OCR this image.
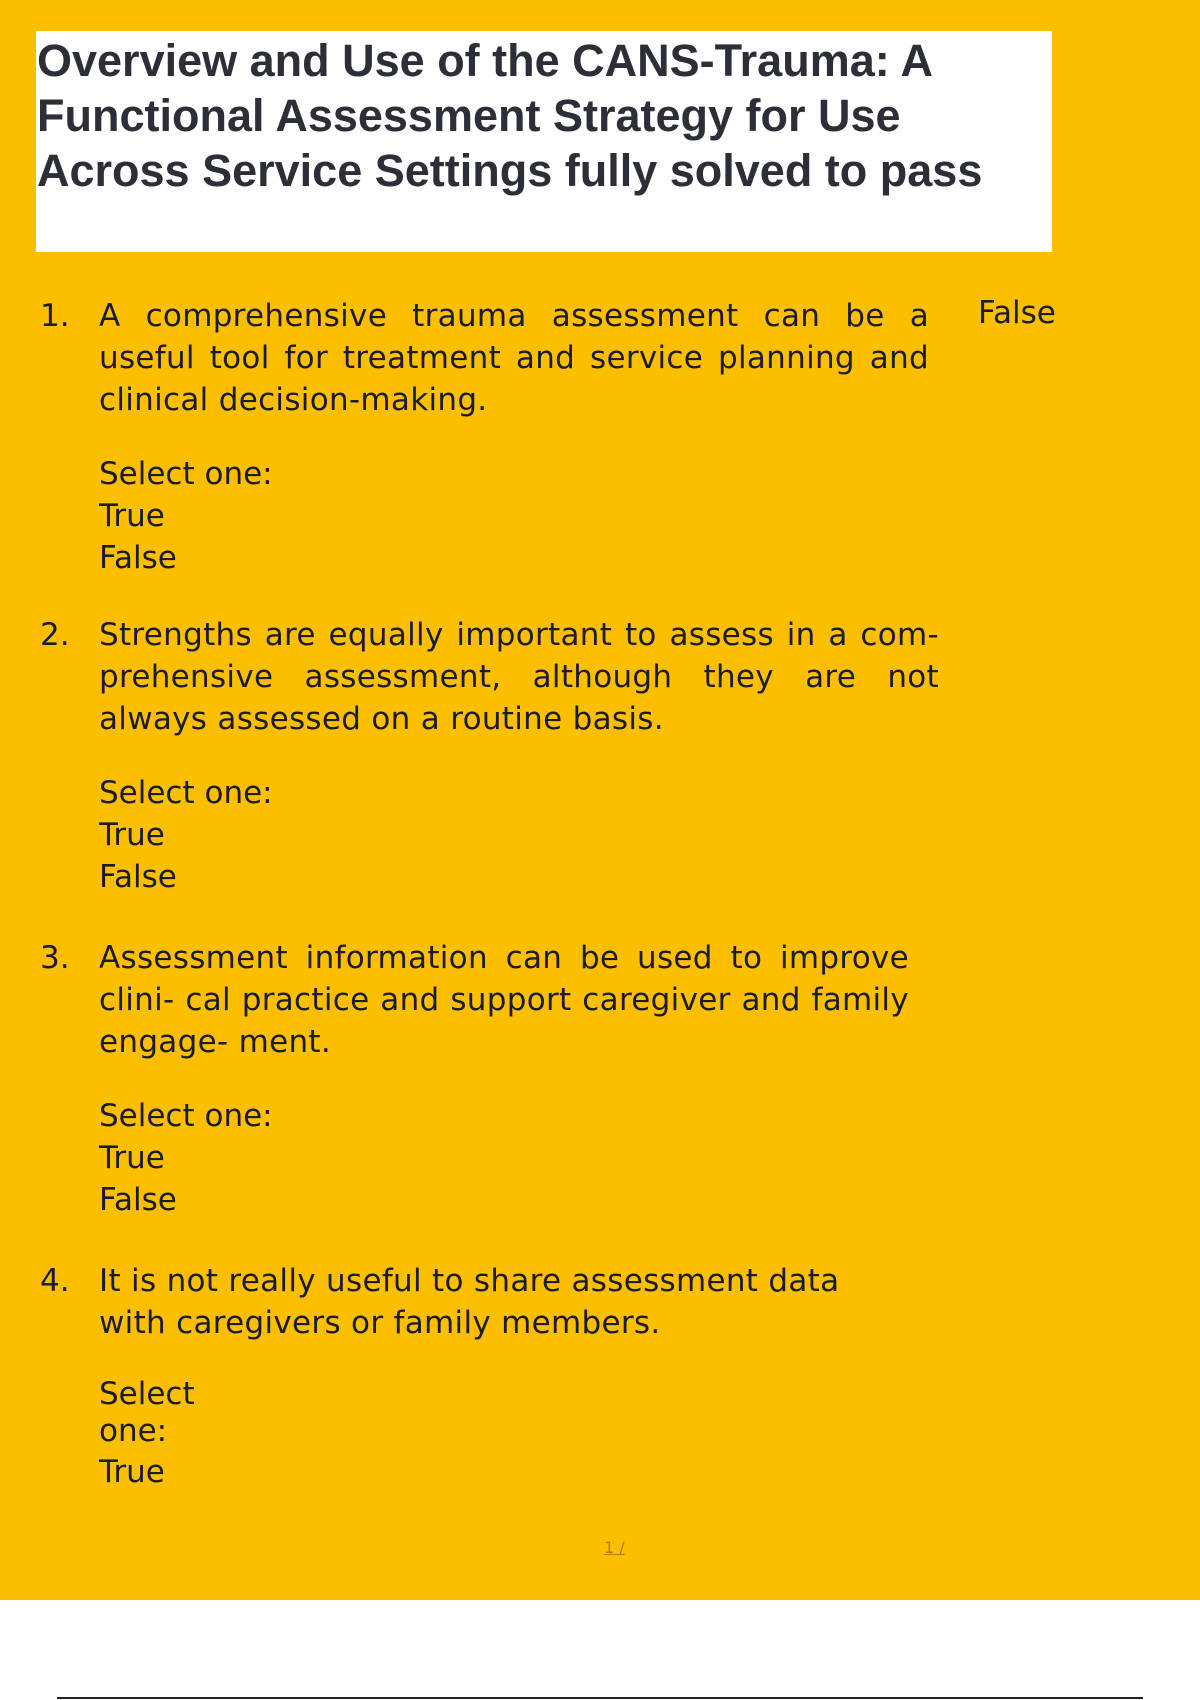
Overview and Use of the CANS-Trauma: A Functional Assessment Strategy for Use Across Service Settings fully solved to pass
False
1. A comprehensive trauma assessment can be a useful tool for treatment and service planning and clinical decision-making.

Select one:

True

False

2. Strengths are equally important to assess in a com- prehensive assessment, although they are not always assessed on a routine basis.

Select one:

True

False

3. Assessment information can be used to improve clini- cal practice and support caregiver and family engage- ment.

Select one:

True

False

4. It is not really useful to share assessment data with caregivers or family members.

Select one:

True

1 /
